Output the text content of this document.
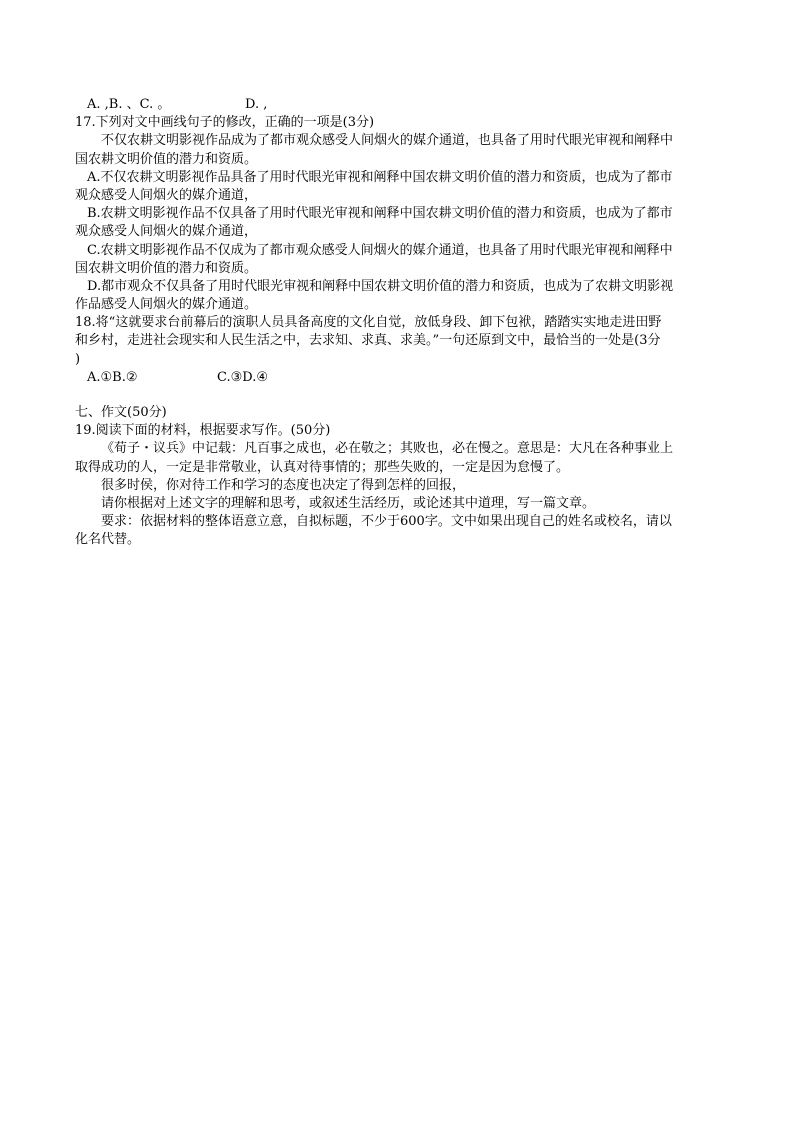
A. ,B. 、C. 。	D. ,
17.下列对文中画线句子的修改，正确的一项是(3分)
不仅农耕文明影视作品成为了都市观众感受人间烟火的媒介通道，也具备了用时代眼光审视和阐释中
国农耕文明价值的潜力和资质。
A.不仅农耕文明影视作品具备了用时代眼光审视和阐释中国农耕文明价值的潜力和资质，也成为了都市
观众感受人间烟火的媒介通道，
B.农耕文明影视作品不仅具备了用时代眼光审视和阐释中国农耕文明价值的潜力和资质，也成为了都市
观众感受人间烟火的媒介通道，
C.农耕文明影视作品不仅成为了都市观众感受人间烟火的媒介通道，也具备了用时代眼光审视和阐释中
国农耕文明价值的潜力和资质。
D.都市观众不仅具备了用时代眼光审视和阐释中国农耕文明价值的潜力和资质，也成为了农耕文明影视
作品感受人间烟火的媒介通道。
18.将“这就要求台前幕后的演职人员具备高度的文化自觉，放低身段、卸下包袱，踏踏实实地走进田野
和乡村，走进社会现实和人民生活之中，去求知、求真、求美。”一句还原到文中，最恰当的一处是(3分
)
A.①B.②	C.③D.④
七、作文(50分)
19.阅读下面的材料，根据要求写作。(50分)
《荀子・议兵》中记载：凡百事之成也，必在敬之；其败也，必在慢之。意思是：大凡在各种事业上
取得成功的人，一定是非常敬业，认真对待事情的；那些失败的，一定是因为怠慢了。
很多时侯，你对待工作和学习的态度也决定了得到怎样的回报，
请你根据对上述文字的理解和思考，或叙述生活经历，或论述其中道理，写一篇文章。
要求：依据材料的整体语意立意，自拟标题，不少于600字。文中如果出现自己的姓名或校名，请以
化名代替。
